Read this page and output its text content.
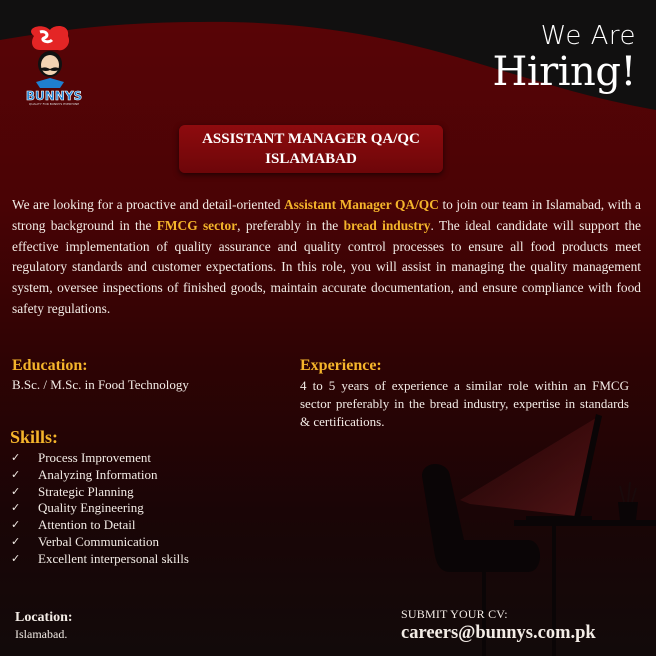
BUNNYS
QUALITY FOR BUNNYS EVERYONE
We Are
Hiring!
ASSISTANT MANAGER QA/QC
ISLAMABAD

We are looking for a proactive and detail-oriented Assistant Manager QA/QC to join our team in Islamabad, with a strong background in the FMCG sector, preferably in the bread industry. The ideal candidate will support the effective implementation of quality assurance and quality control processes to ensure all food products meet regulatory standards and customer expectations. In this role, you will assist in managing the quality management system, oversee inspections of finished goods, maintain accurate documentation, and ensure compliance with food safety regulations.

Education:
B.Sc. / M.Sc. in Food Technology
Experience:
4 to 5 years of experience a similar role within an FMCG sector preferably in the bread industry, expertise in standards & certifications.
Skills:
✓	Process Improvement
✓	Analyzing Information
✓	Strategic Planning
✓	Quality Engineering
✓	Attention to Detail
✓	Verbal Communication
✓	Excellent interpersonal skills
Location:
Islamabad.
SUBMIT YOUR CV:
careers@bunnys.com.pk
